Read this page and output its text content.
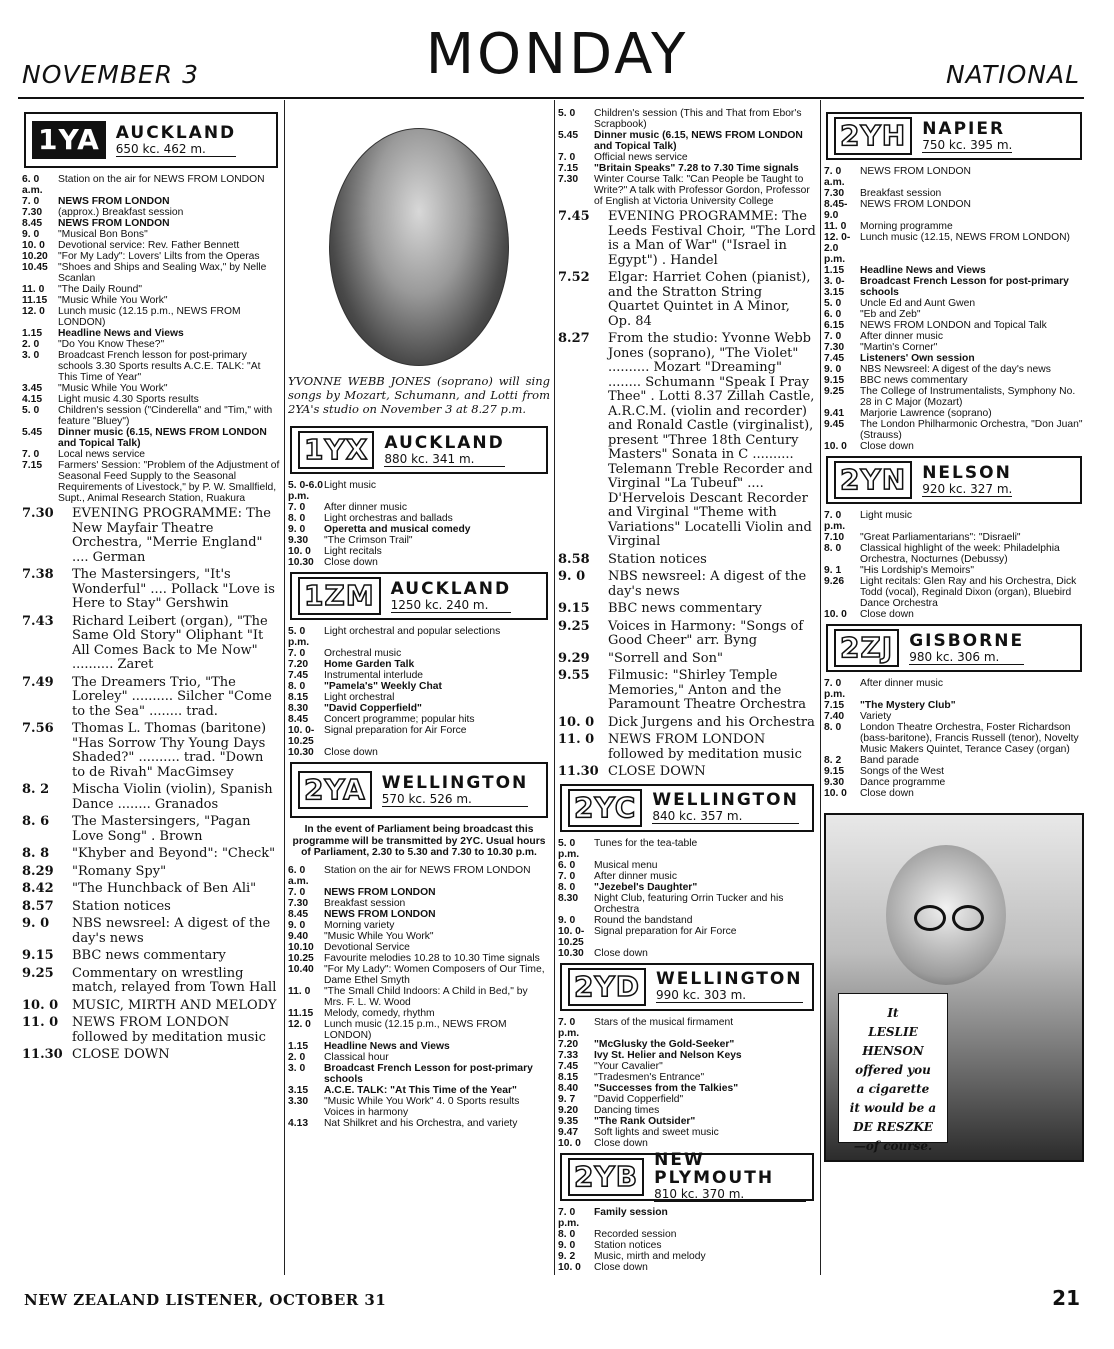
NOVEMBER 3	MONDAY	NATIONAL
1YA AUCKLAND
650 kc. 462 m.
6. 0 a.m.
Station on the air for NEWS FROM LONDON
7. 0	NEWS FROM LONDON
7.30	(approx.) Breakfast session
8.45	NEWS FROM LONDON
9. 0	"Musical Bon Bons"
10. 0	Devotional service: Rev. Father Bennett
10.20 "For My Lady": Lovers' Lilts from the Operas
10.45 "Shoes and Ships and Sealing Wax," by Nelle Scanlan
11. 0	"The Daily Round"
11.15	"Music While You Work"
12. 0	Lunch music (12.15 p.m., NEWS FROM LONDON)
1.15	Headline News and Views
2. 0	"Do You Know These?"
3. 0	Broadcast French lesson for post-primary schools 3.30 Sports results A.C.E. TALK: "At This Time of Year"
3.45	"Music While You Work"
4.15	Light music 4.30 Sports results
5. 0	Children's session ("Cinderella" and "Tim," with feature "Bluey")
5.45	Dinner music (6.15, NEWS FROM LONDON and Topical Talk)
7. 0	Local news service
7.15	Farmers' Session: "Problem of the Adjustment of Seasonal Feed Supply to the Seasonal Requirements of Livestock," by P. W. Smallfield, Supt., Animal Research Station, Ruakura
7.30	EVENING PROGRAMME: The New Mayfair Theatre Orchestra, "Merrie England" .... German
7.38	The Mastersingers, "It's Wonderful" .... Pollack "Love is Here to Stay" Gershwin
7.43	Richard Leibert (organ), "The Same Old Story" Oliphant "It All Comes Back to Me Now" .......... Zaret
7.49	The Dreamers Trio, "The Loreley" .......... Silcher "Come to the Sea" ........ trad.
7.56	Thomas L. Thomas (baritone) "Has Sorrow Thy Young Days Shaded?" .......... trad. "Down to de Rivah" MacGimsey
8. 2	Mischa Violin (violin), Spanish Dance ........ Granados
8. 6	The Mastersingers, "Pagan Love Song" . Brown
8. 8	"Khyber and Beyond": "Check"
8.29	"Romany Spy"
8.42	"The Hunchback of Ben Ali"
8.57	Station notices
9. 0	NBS newsreel: A digest of the day's news
9.15	BBC news commentary
9.25	Commentary on wrestling match, relayed from Town Hall
10. 0	MUSIC, MIRTH AND MELODY
11. 0	NEWS FROM LONDON followed by meditation music
11.30 CLOSE DOWN
YVONNE WEBB JONES (soprano) will sing songs by Mozart, Schumann, and Lotti from 2YA's studio on November 3 at 8.27 p.m.
1YX AUCKLAND
880 kc. 341 m.
5. 0-6.0 p.m.
Light music
7. 0	After dinner music
8. 0	Light orchestras and ballads
9. 0	Operetta and musical comedy
9.30	"The Crimson Trail"
10. 0	Light recitals
10.30 Close down
1ZM AUCKLAND
1250 kc. 240 m.
5. 0 p.m.
Light orchestral and popular selections
7. 0	Orchestral music
7.20	Home Garden Talk
7.45	Instrumental interlude
8. 0	"Pamela's" Weekly Chat
8.15	Light orchestral
8.30	"David Copperfield"
8.45	Concert programme; popular hits
10. 0-10.25
Signal preparation for Air Force
10.30 Close down
2YA WELLINGTON
570 kc. 526 m.
In the event of Parliament being broadcast this programme will be transmitted by 2YC. Usual hours of Parliament, 2.30 to 5.30 and 7.30 to 10.30 p.m.
6. 0 a.m.
Station on the air for NEWS FROM LONDON
7. 0	NEWS FROM LONDON
7.30	Breakfast session
8.45	NEWS FROM LONDON
9. 0	Morning variety
9.40	"Music While You Work"
10.10 Devotional Service
10.25 Favourite melodies 10.28 to 10.30 Time signals
10.40 "For My Lady": Women Composers of Our Time, Dame Ethel Smyth
11. 0	"The Small Child Indoors: A Child in Bed," by Mrs. F. L. W. Wood
11.15	Melody, comedy, rhythm
12. 0	Lunch music (12.15 p.m., NEWS FROM LONDON)
1.15	Headline News and Views
2. 0	Classical hour
3. 0	Broadcast French Lesson for post-primary schools
3.15	A.C.E. TALK: "At This Time of the Year"
3.30	"Music While You Work" 4. 0 Sports results Voices in harmony
4.13	Nat Shilkret and his Orchestra, and variety
5. 0	Children's session (This and That from Ebor's Scrapbook)
5.45	Dinner music (6.15, NEWS FROM LONDON and Topical Talk)
7. 0	Official news service
7.15	"Britain Speaks" 7.28 to 7.30 Time signals
7.30	Winter Course Talk: "Can People be Taught to Write?" A talk with Professor Gordon, Professor of English at Victoria University College
7.45	EVENING PROGRAMME: The Leeds Festival Choir, "The Lord is a Man of War" ("Israel in Egypt") . Handel
7.52	Elgar: Harriet Cohen (pianist), and the Stratton String Quartet Quintet in A Minor, Op. 84
8.27	From the studio: Yvonne Webb Jones (soprano), "The Violet" .......... Mozart "Dreaming" ........ Schumann "Speak I Pray Thee" . Lotti 8.37 Zillah Castle, A.R.C.M. (violin and recorder) and Ronald Castle (virginalist), present "Three 18th Century Masters" Sonata in C .......... Telemann Treble Recorder and Virginal "La Tubeuf" .... D'Hervelois Descant Recorder and Virginal "Theme with Variations" Locatelli Violin and Virginal
8.58	Station notices
9. 0	NBS newsreel: A digest of the day's news
9.15	BBC news commentary
9.25	Voices in Harmony: "Songs of Good Cheer" arr. Byng
9.29	"Sorrell and Son"
9.55	Filmusic: "Shirley Temple Memories," Anton and the Paramount Theatre Orchestra
10. 0	Dick Jurgens and his Orchestra
11. 0	NEWS FROM LONDON followed by meditation music
11.30 CLOSE DOWN
2YC WELLINGTON
840 kc. 357 m.
5. 0 p.m.
Tunes for the tea-table
6. 0	Musical menu
7. 0	After dinner music
8. 0	"Jezebel's Daughter"
8.30	Night Club, featuring Orrin Tucker and his Orchestra
9. 0	Round the bandstand
10. 0-10.25
Signal preparation for Air Force
10.30 Close down
2YD WELLINGTON
990 kc. 303 m.
7. 0 p.m.
Stars of the musical firmament
7.20	"McGlusky the Gold-Seeker"
7.33	Ivy St. Helier and Nelson Keys
7.45	"Your Cavalier"
8.15	"Tradesmen's Entrance"
8.40	"Successes from the Talkies"
9. 7	"David Copperfield"
9.20	Dancing times
9.35	"The Rank Outsider"
9.47	Soft lights and sweet music
10. 0	Close down
2YB NEW PLYMOUTH
810 kc. 370 m.
7. 0 p.m.
Family session
8. 0	Recorded session
9. 0	Station notices
9. 2	Music, mirth and melody
10. 0	Close down
2YH NAPIER
750 kc. 395 m.
7. 0 a.m.
NEWS FROM LONDON
7.30	Breakfast session
8.45-9.0
NEWS FROM LONDON
11. 0	Morning programme
12. 0-2.0 p.m.
Lunch music (12.15, NEWS FROM LONDON)
1.15	Headline News and Views
3. 0-3.15
Broadcast French Lesson for post-primary schools
5. 0	Uncle Ed and Aunt Gwen
6. 0	"Eb and Zeb"
6.15	NEWS FROM LONDON and Topical Talk
7. 0	After dinner music
7.30	"Martin's Corner"
7.45	Listeners' Own session
9. 0	NBS Newsreel: A digest of the day's news
9.15	BBC news commentary
9.25	The College of Instrumentalists, Symphony No. 28 in C Major (Mozart)
9.41	Marjorie Lawrence (soprano)
9.45	The London Philharmonic Orchestra, "Don Juan" (Strauss)
10. 0	Close down
2YN NELSON
920 kc. 327 m.
7. 0 p.m.
Light music
7.10	"Great Parliamentarians": "Disraeli"
8. 0	Classical highlight of the week: Philadelphia Orchestra, Nocturnes (Debussy)
9. 1	"His Lordship's Memoirs"
9.26	Light recitals: Glen Ray and his Orchestra, Dick Todd (vocal), Reginald Dixon (organ), Bluebird Dance Orchestra
10. 0	Close down
2ZJ GISBORNE
980 kc. 306 m.
7. 0 p.m.
After dinner music
7.15	"The Mystery Club"
7.40	Variety
8. 0	London Theatre Orchestra, Foster Richardson (bass-baritone), Francis Russell (tenor), Novelty Music Makers Quintet, Terance Casey (organ)
8. 2	Band parade
9.15	Songs of the West
9.30	Dance programme
10. 0	Close down
It
LESLIE
HENSON
offered you
a cigarette
it would be a
DE RESZKE
—of course.
NEW ZEALAND LISTENER, OCTOBER 31	21
